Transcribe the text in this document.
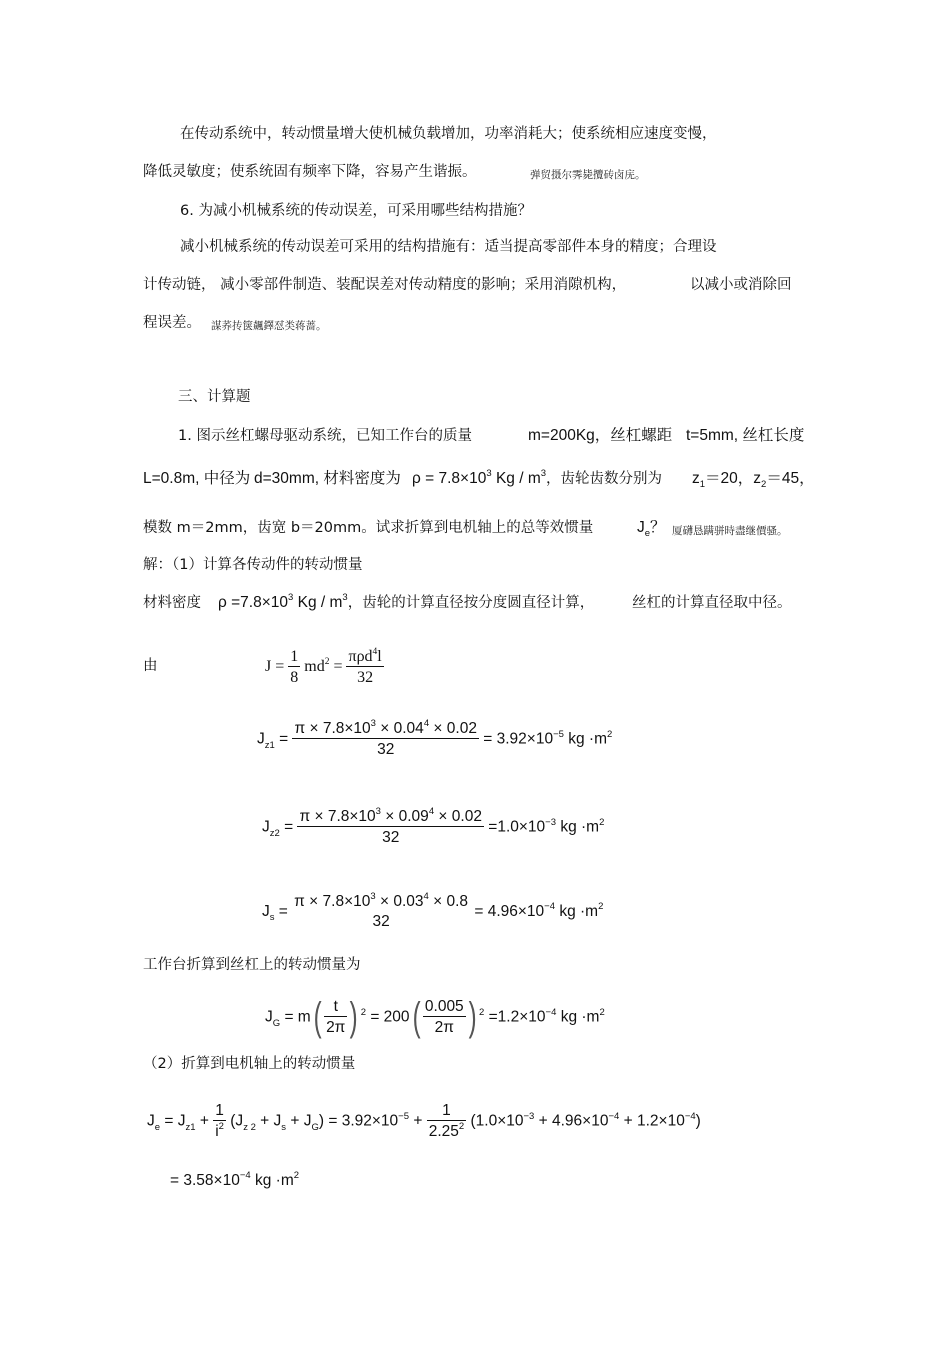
在传动系统中，转动惯量增大使机械负载增加，功率消耗大；使系统相应速度变慢，
降低灵敏度；使系统固有频率下降，容易产生谐振。	弹贸摄尔霁毙攬砖卤庑。
6. 为减小机械系统的传动误差，可采用哪些结构措施？
减小机械系统的传动误差可采用的结构措施有：适当提高零部件本身的精度；合理设
计传动链， 减小零部件制造、装配误差对传动精度的影响；采用消隙机构，	以减小或消除回
程误差。 謀荞抟箧飆鐸怼类蒋蔷。
三、计算题
1. 图示丝杠螺母驱动系统，已知工作台的质量	m=200Kg，丝杠螺距 t=5mm, 丝杠长度
L=0.8m, 中径为 d=30mm, 材料密度为 $\rho = 7.8\times 10^3$ Kg / $m^3$，齿轮齿数分别为 $z_1=20$，$z_2=45$，
模数 m＝2mm，齿宽 b＝20mm。试求折算到电机轴上的总等效惯量	$J_e$？ 厦礴恳蹒骈時盡继價骚。
解：（1）计算各传动件的转动惯量
材料密度 $\rho =7.8\times 10^3$ Kg / $m^3$，齿轮的计算直径按分度圆直径计算，	丝杠的计算直径取中径。
由	$J = \frac{1}{8} md^2 = \frac{\pi\rho d^4l}{32}$
$J_{z1} = \frac{\pi \times 7.8\times 10^3 \times 0.04^4 \times 0.02}{32} = 3.92\times 10^{-5}$ kg $\cdot m^2$
$J_{z2} = \frac{\pi \times 7.8\times 10^3 \times 0.09^4 \times 0.02}{32} =1.0\times 10^{-3}$ kg $\cdot m^2$
$J_s$ =
$\pi \times 7.8\times 10^3 \times 0.03^4 \times 0.8$
32
= $4.96\times 10^{-4}$ kg $\cdot m^2$
工作台折算到丝杠上的转动惯量为
$J_G = m( \frac{t}{2\pi}$ ) $^2 = 200( \frac{0.005}{2\pi}$ ) $^2 =1.2\times 10^{-4}$ kg $\cdot m^2$
（2）折算到电机轴上的转动惯量
$J_e = J_{z1} + \frac{1}{i^2} (J_{z 2} + J_s + J_G) = 3.92\times 10^{-5} + \frac{1}{2.25^2} (1.0\times 10^{-3} + 4.96\times 10^{-4} + 1.2\times 10^{-4})$
= $3.58\times 10^{-4}$ kg $\cdot m^2$
